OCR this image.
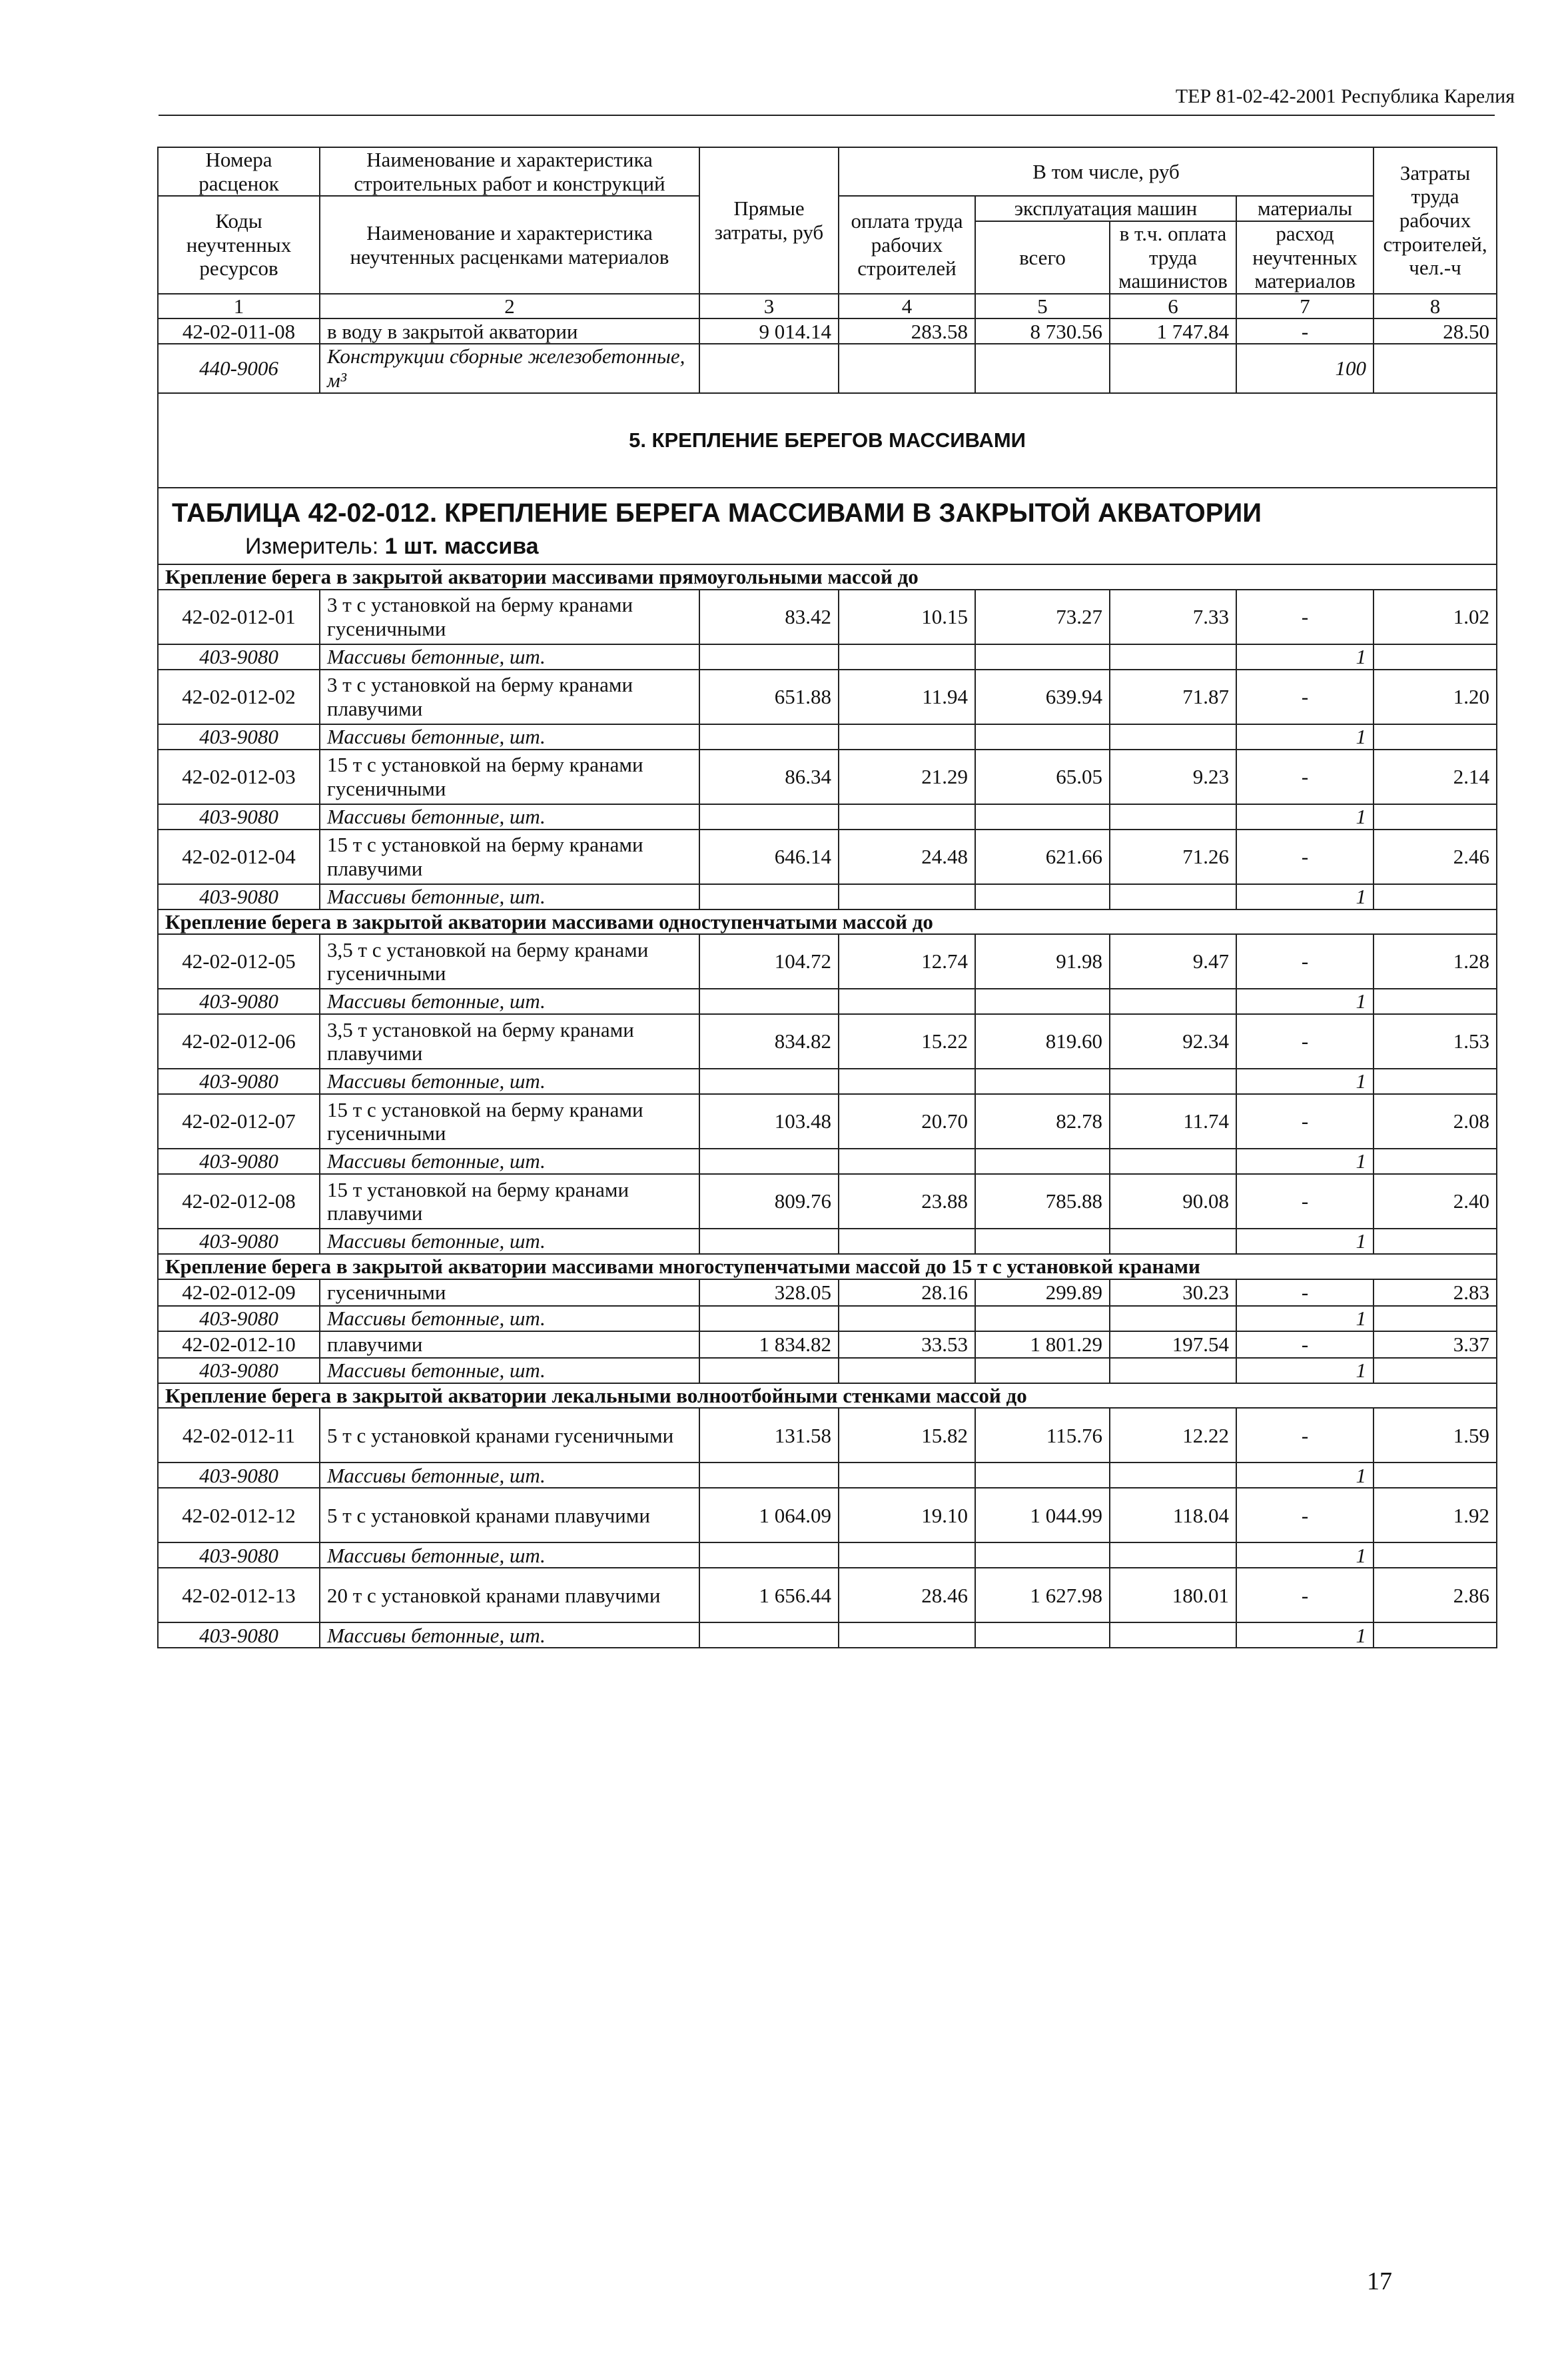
ТЕР 81-02-42-2001 Республика Карелия
Номера расценок	Наименование и характеристика строительных работ и конструкций	Прямые затраты, руб	В том числе, руб				Затраты труда рабочих строителей, чел.-ч
Коды неучтенных ресурсов	Наименование и характеристика неучтенных расценками материалов		оплата труда рабочих строителей	эксплуатация машин		материалы	
				всего	в т.ч. оплата труда машинистов	расход неучтенных материалов	
1	2	3	4	5	6	7	8
42-02-011-08	в воду в закрытой акватории	9 014.14	283.58	8 730.56	1 747.84	-	28.50
440-9006	Конструкции сборные железобетонные, м³					100	
5. КРЕПЛЕНИЕ БЕРЕГОВ МАССИВАМИ							

ТАБЛИЦА 42-02-012. КРЕПЛЕНИЕ БЕРЕГА МАССИВАМИ В ЗАКРЫТОЙ АКВАТОРИИ
Измеритель: 1 шт. массива							

Крепление берега в закрытой акватории массивами прямоугольными массой до							
42-02-012-01	3 т с установкой на берму кранами гусеничными	83.42	10.15	73.27	7.33	-	1.02
403-9080	Массивы бетонные, шт.					1	
42-02-012-02	3 т с установкой на берму кранами плавучими	651.88	11.94	639.94	71.87	-	1.20
403-9080	Массивы бетонные, шт.					1	
42-02-012-03	15 т с установкой на берму кранами гусеничными	86.34	21.29	65.05	9.23	-	2.14
403-9080	Массивы бетонные, шт.					1	
42-02-012-04	15 т с установкой на берму кранами плавучими	646.14	24.48	621.66	71.26	-	2.46
403-9080	Массивы бетонные, шт.					1	
Крепление берега в закрытой акватории массивами одноступенчатыми массой до							
42-02-012-05	3,5 т с установкой на берму кранами гусеничными	104.72	12.74	91.98	9.47	-	1.28
403-9080	Массивы бетонные, шт.					1	
42-02-012-06	3,5 т установкой на берму кранами плавучими	834.82	15.22	819.60	92.34	-	1.53
403-9080	Массивы бетонные, шт.					1	
42-02-012-07	15 т с установкой на берму кранами гусеничными	103.48	20.70	82.78	11.74	-	2.08
403-9080	Массивы бетонные, шт.					1	
42-02-012-08	15 т установкой на берму кранами плавучими	809.76	23.88	785.88	90.08	-	2.40
403-9080	Массивы бетонные, шт.					1	
Крепление берега в закрытой акватории массивами многоступенчатыми массой до 15 т с установкой кранами							
42-02-012-09	гусеничными	328.05	28.16	299.89	30.23	-	2.83
403-9080	Массивы бетонные, шт.					1	
42-02-012-10	плавучими	1 834.82	33.53	1 801.29	197.54	-	3.37
403-9080	Массивы бетонные, шт.					1	
Крепление берега в закрытой акватории лекальными волноотбойными стенками массой до							
42-02-012-11	5 т с установкой кранами гусеничными	131.58	15.82	115.76	12.22	-	1.59
403-9080	Массивы бетонные, шт.					1	
42-02-012-12	5 т с установкой кранами плавучими	1 064.09	19.10	1 044.99	118.04	-	1.92
403-9080	Массивы бетонные, шт.					1	
42-02-012-13	20 т с установкой кранами плавучими	1 656.44	28.46	1 627.98	180.01	-	2.86
403-9080	Массивы бетонные, шт.					1	
17
